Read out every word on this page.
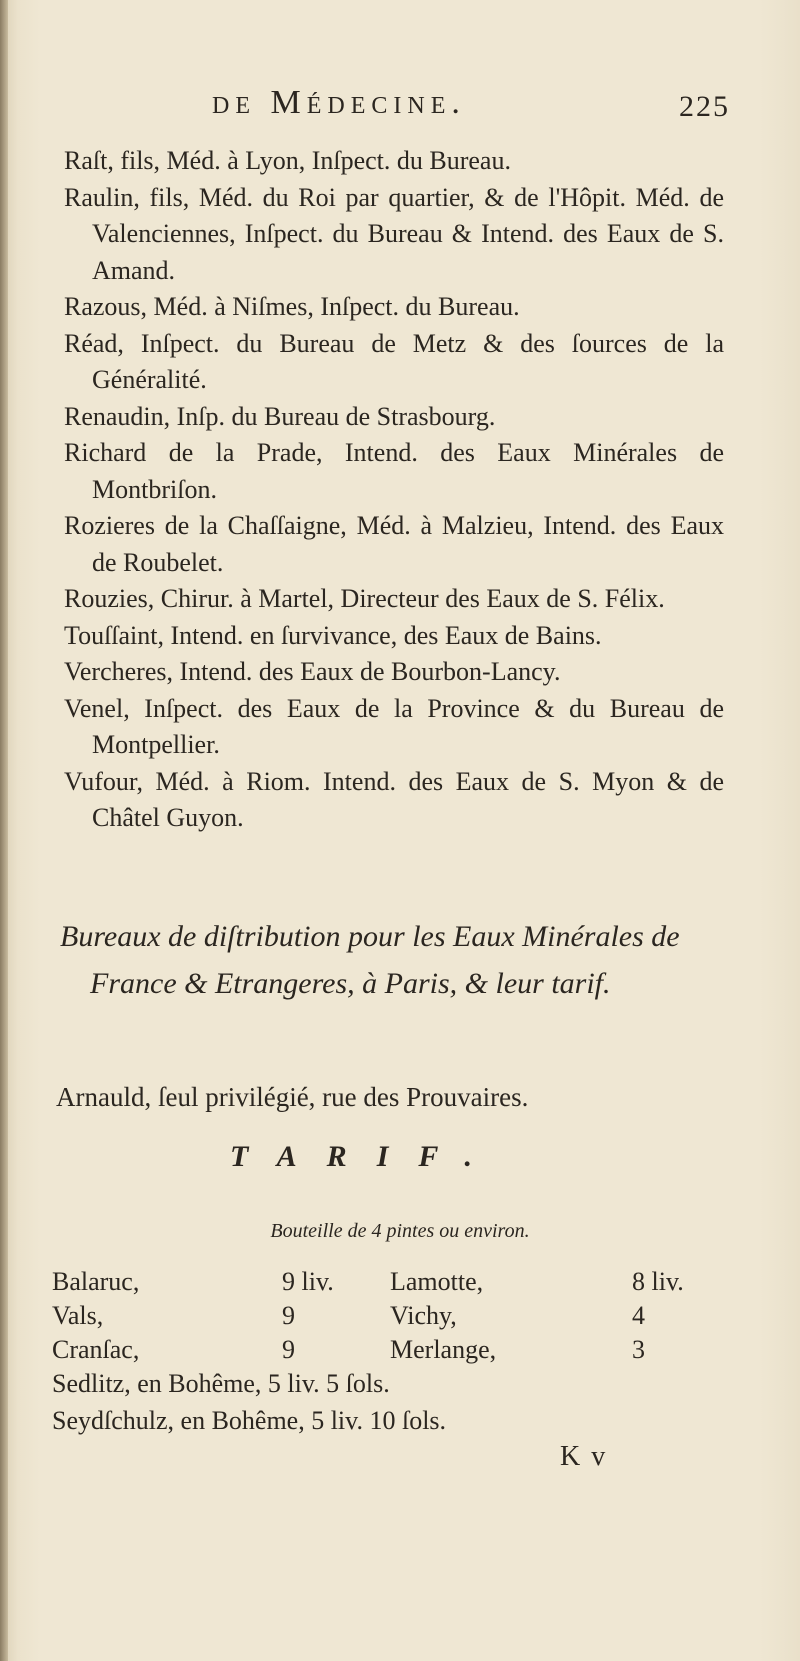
de Médecine.	225

Raſt, fils, Méd. à Lyon, Inſpect. du Bureau.

Raulin, fils, Méd. du Roi par quartier, & de l'Hôpit. Méd. de Valenciennes, Inſpect. du Bureau & Intend. des Eaux de S. Amand.

Razous, Méd. à Niſmes, Inſpect. du Bureau.

Réad, Inſpect. du Bureau de Metz & des ſources de la Généralité.

Renaudin, Inſp. du Bureau de Strasbourg.

Richard de la Prade, Intend. des Eaux Minérales de Montbriſon.

Rozieres de la Chaſſaigne, Méd. à Malzieu, Intend. des Eaux de Roubelet.

Rouzies, Chirur. à Martel, Directeur des Eaux de S. Félix.

Touſſaint, Intend. en ſurvivance, des Eaux de Bains.

Vercheres, Intend. des Eaux de Bourbon-Lancy.

Venel, Inſpect. des Eaux de la Province & du Bureau de Montpellier.

Vufour, Méd. à Riom. Intend. des Eaux de S. Myon & de Châtel Guyon.

Bureaux de diſtribution pour les Eaux Minérales de France & Etrangeres, à Paris, & leur tarif.
Arnauld, ſeul privilégié, rue des Prouvaires.
TARIF.
Bouteille de 4 pintes ou environ.
Balaruc,	9 liv. Lamotte,	8 liv.
Vals,	9	Vichy,	4
Cranſac,	9	Merlange,	3
Sedlitz, en Bohême, 5 liv. 5 ſols.
Seydſchulz, en Bohême, 5 liv. 10 ſols.
K v
